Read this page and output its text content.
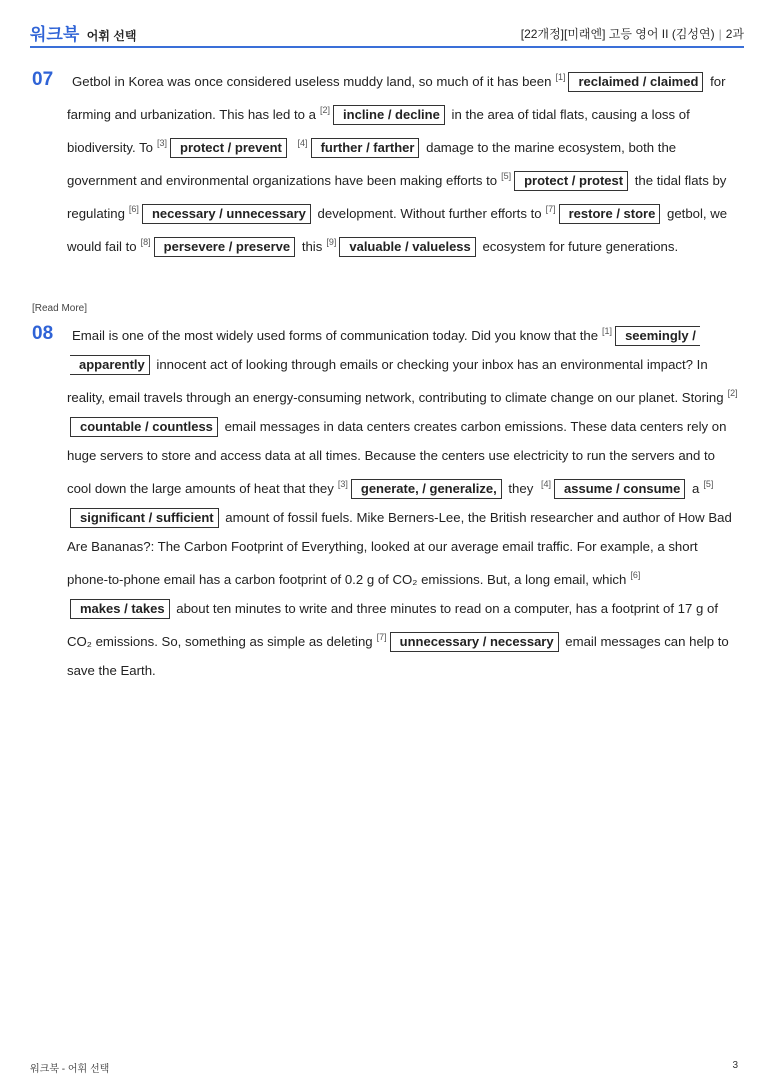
워크북 어휘 선택	[22개정][미래엔] 고등 영어 II (김성연) | 2과
07	Getbol in Korea was once considered useless muddy land, so much of it has been [1] reclaimed / claimed for farming and urbanization. This has led to a [2] incline / decline in the area of tidal flats, causing a loss of biodiversity. To [3] protect / prevent [4] further / farther damage to the marine ecosystem, both the government and environmental organizations have been making efforts to [5] protect / protest the tidal flats by regulating [6] necessary / unnecessary development. Without further efforts to [7] restore / store getbol, we would fail to [8] persevere / preserve this [9] valuable / valueless ecosystem for future generations.
[Read More]
08	Email is one of the most widely used forms of communication today. Did you know that the [1] seemingly / apparently innocent act of looking through emails or checking your inbox has an environmental impact? In reality, email travels through an energy-consuming network, contributing to climate change on our planet. Storing [2]countable / countless email messages in data centers creates carbon emissions. These data centers rely on huge servers to store and access data at all times. Because the centers use electricity to run the servers and to cool down the large amounts of heat that they [3] generate, / generalize, they [4] assume / consume a [5]significant / sufficient amount of fossil fuels. Mike Berners-Lee, the British researcher and author of How Bad Are Bananas?: The Carbon Footprint of Everything, looked at our average email traffic. For example, a short phone-to-phone email has a carbon footprint of 0.2 g of CO₂ emissions. But, a long email, which [6]makes / takes about ten minutes to write and three minutes to read on a computer, has a footprint of 17 g of CO₂ emissions. So, something as simple as deleting [7] unnecessary / necessary email messages can help to save the Earth.
워크북 - 어휘 선택	3
